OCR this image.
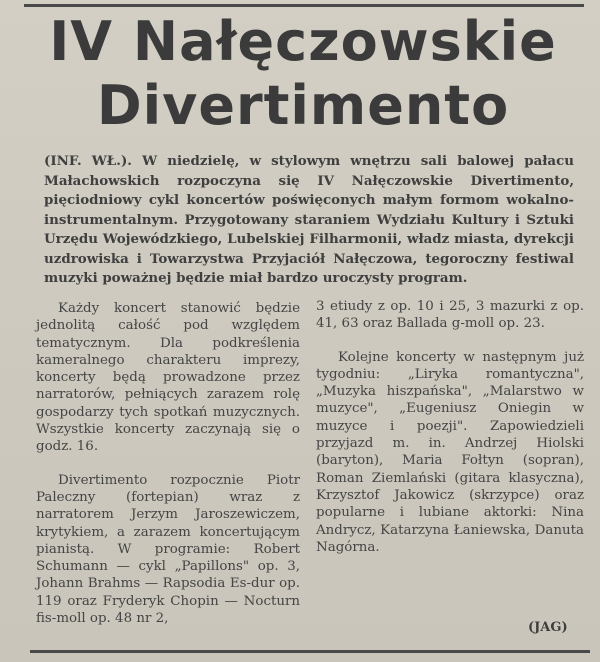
IV Nałęczowskie Divertimento
(INF. WŁ.). W niedzielę, w stylowym wnętrzu sali balowej pałacu Małachowskich rozpoczyna się IV Nałęczowskie Divertimento, pięciodniowy cykl koncertów poświęconych małym formom wokalno-instrumentalnym. Przygotowany staraniem Wydziału Kultury i Sztuki Urzędu Wojewódzkiego, Lubelskiej Filharmonii, władz miasta, dyrekcji uzdrowiska i Towarzystwa Przyjaciół Nałęczowa, tegoroczny festiwal muzyki poważnej będzie miał bardzo uroczysty program.

Każdy koncert stanowić będzie jednolitą całość pod względem tematycznym. Dla podkreślenia kameralnego charakteru imprezy, koncerty będą prowadzone przez narratorów, pełniących zarazem rolę gospodarzy tych spotkań muzycznych. Wszystkie koncerty zaczynają się o godz. 16.

Divertimento rozpocznie Piotr Paleczny (fortepian) wraz z narratorem Jerzym Jaroszewiczem, krytykiem, a zarazem koncertującym pianistą. W programie: Robert Schumann — cykl „Papillons" op. 3, Johann Brahms — Rapsodia Es-dur op. 119 oraz Fryderyk Chopin — Nocturn fis-moll op. 48 nr 2,

3 etiudy z op. 10 i 25, 3 mazurki z op. 41, 63 oraz Ballada g-moll op. 23.

Kolejne koncerty w następnym już tygodniu: „Liryka romantyczna", „Muzyka hiszpańska", „Malarstwo w muzyce", „Eugeniusz Oniegin w muzyce i poezji". Zapowiedzieli przyjazd m. in. Andrzej Hiolski (baryton), Maria Fołtyn (sopran), Roman Ziemlański (gitara klasyczna), Krzysztof Jakowicz (skrzypce) oraz popularne i lubiane aktorki: Nina Andrycz, Katarzyna Łaniewska, Danuta Nagórna.

(JAG)
